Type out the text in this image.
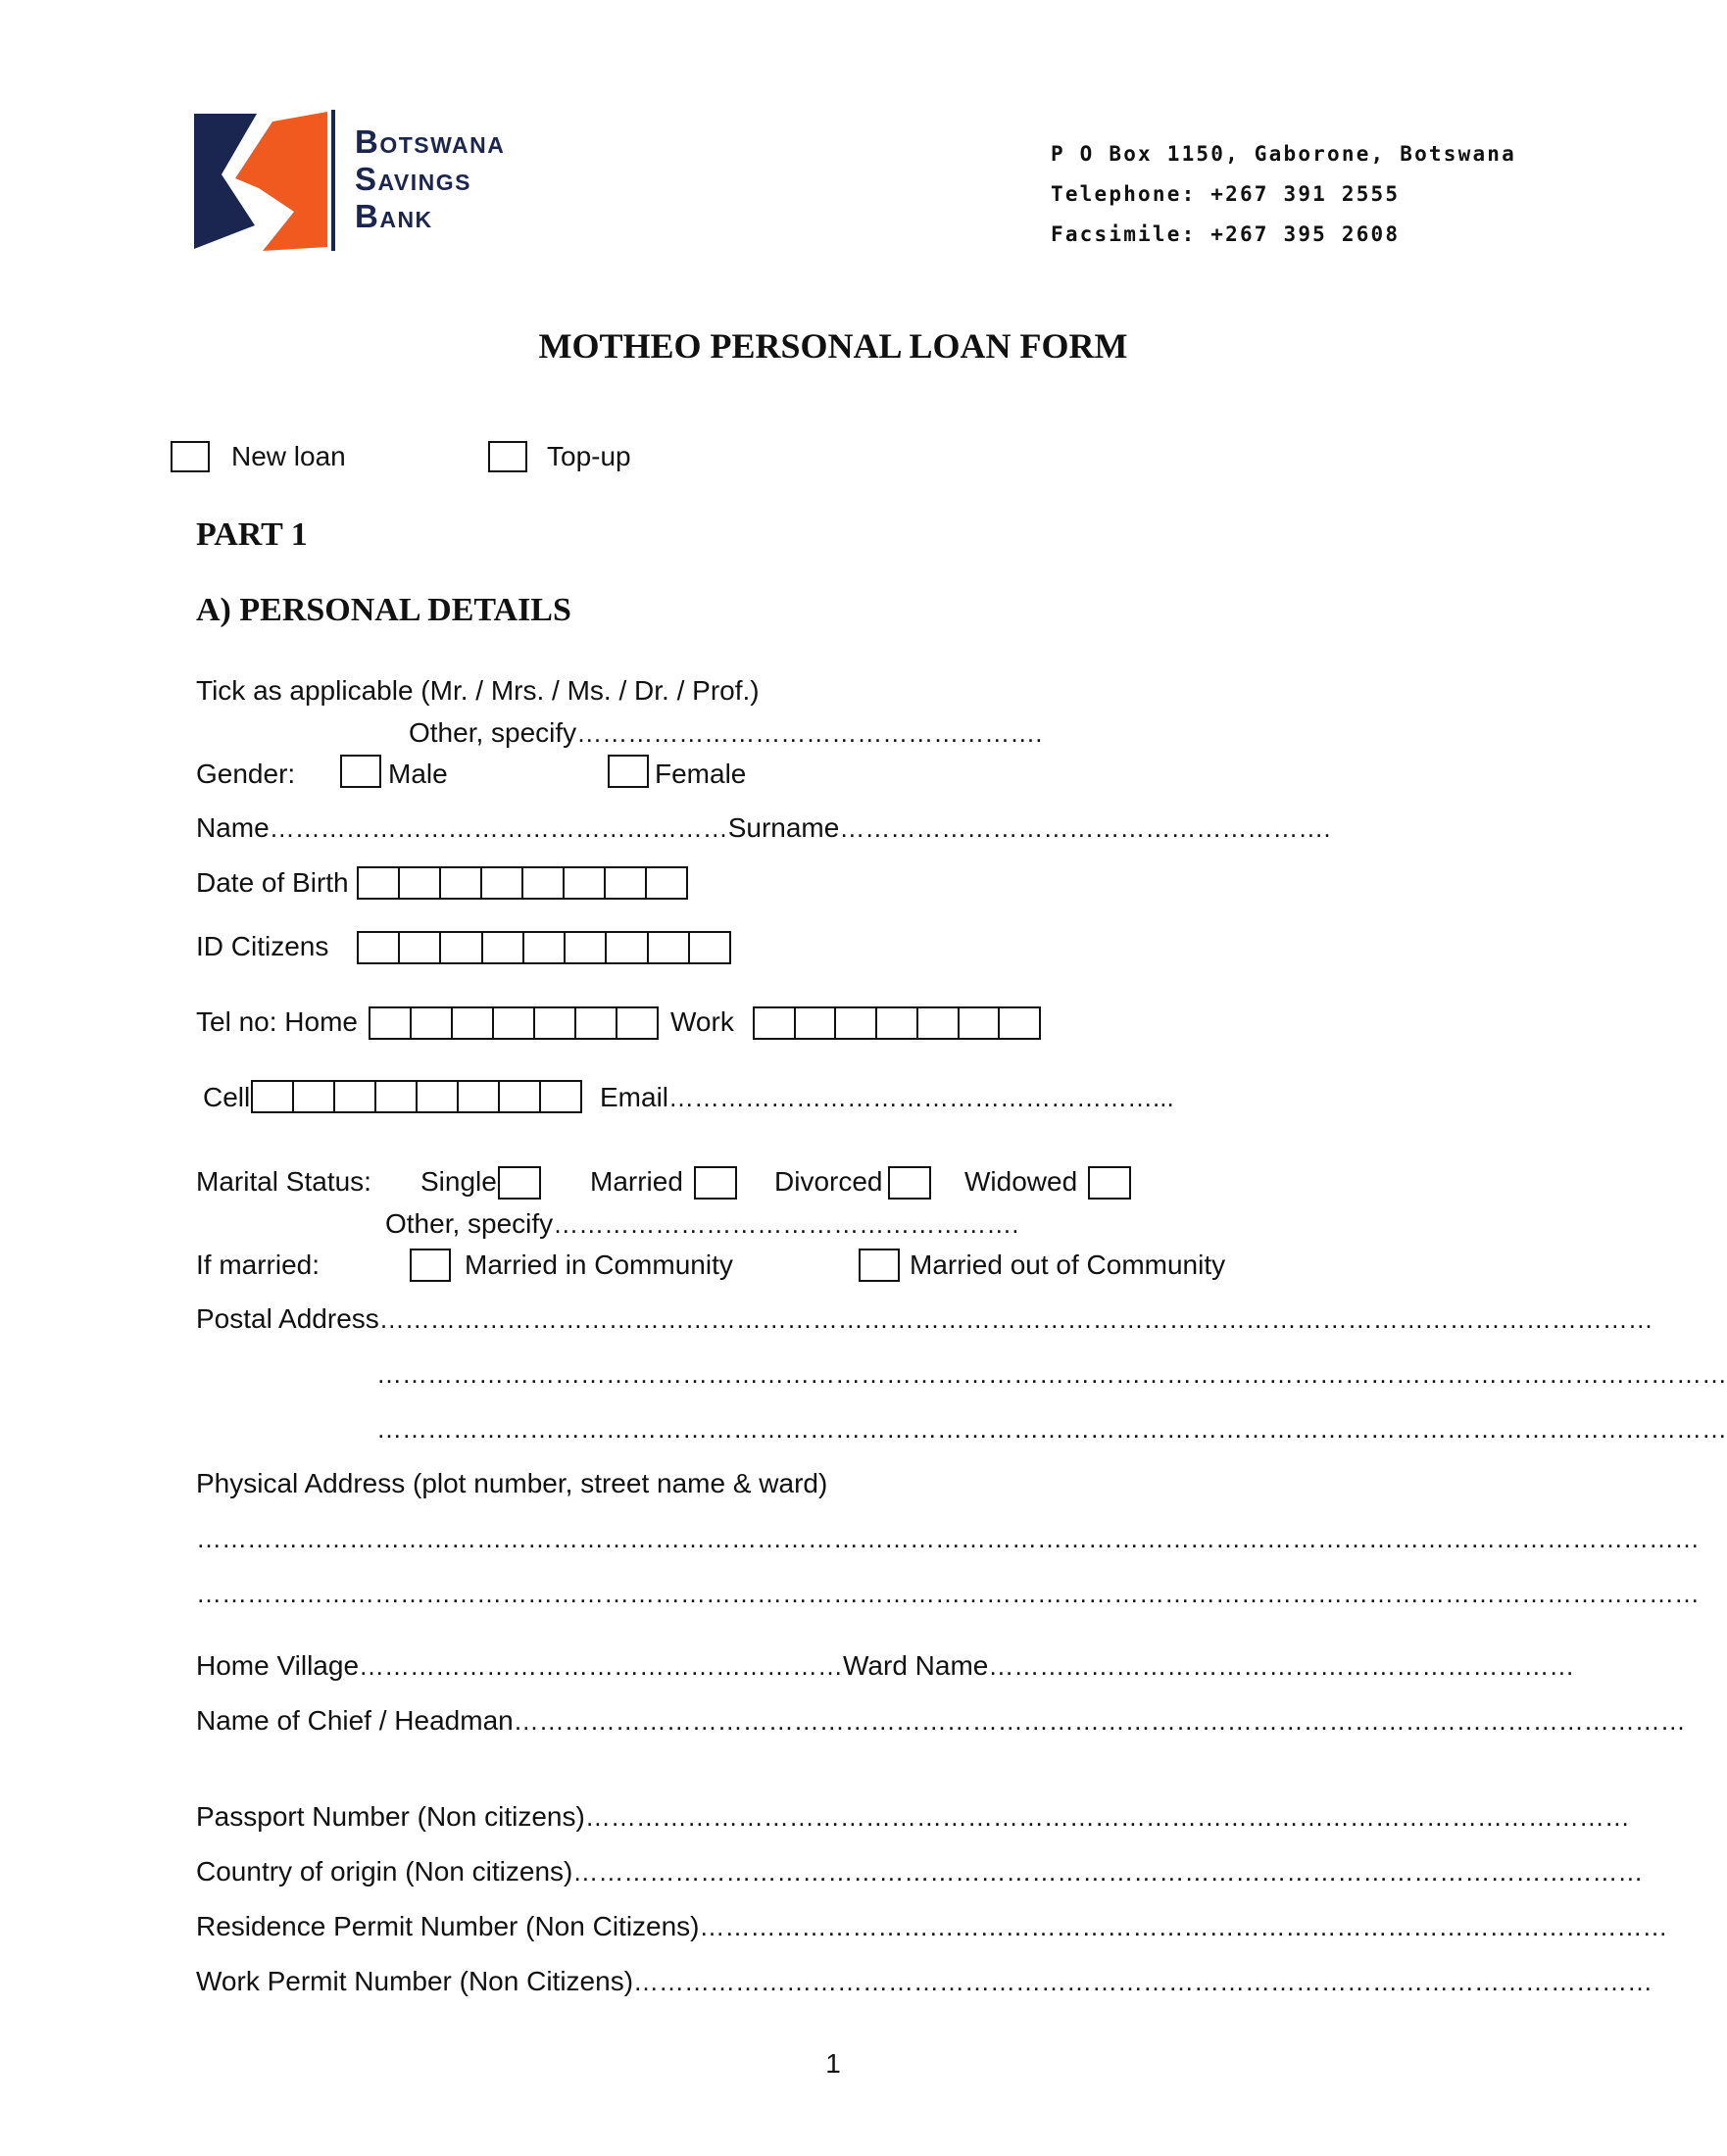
Botswana
Savings
Bank
P O Box 1150, Gaborone, Botswana
Telephone: +267 391 2555
Facsimile: +267 395 2608
MOTHEO PERSONAL LOAN FORM
New loan	Top-up
PART 1
A) PERSONAL DETAILS
Tick as applicable (Mr. / Mrs. / Ms. / Dr. / Prof.)
Other, specify……………………………………………….
Gender:	Male	Female
Name………………………………………………Surname………………………………………………….
Date of Birth
ID Citizens
Tel no: Home	Work
Cell	Email…………………………………………………...
Marital Status: Single	Married	Divorced	Widowed
Other, specify……………………………………………….
If married:	Married in Community	Married out of Community
Postal Address……………………………………………………………………………………………………………………………………
……………………………………………………………………………………………………………………………………………
……………………………………………………………………………………………………………………………………………
Physical Address (plot number, street name & ward)
……………………………………………………………………………………………………………………………………………………………
……………………………………………………………………………………………………………………………………………………………
Home Village…………………………………………………Ward Name……………………………………………………………
Name of Chief / Headman…………………………………………………………………………………………………………………………
Passport Number (Non citizens)……………………………………………………………………………………………………………
Country of origin (Non citizens)………………………………………………………………………………………………………………
Residence Permit Number (Non Citizens)……………………………………………………………………………………………………
Work Permit Number (Non Citizens)…………………………………………………………………………………………………………
1
